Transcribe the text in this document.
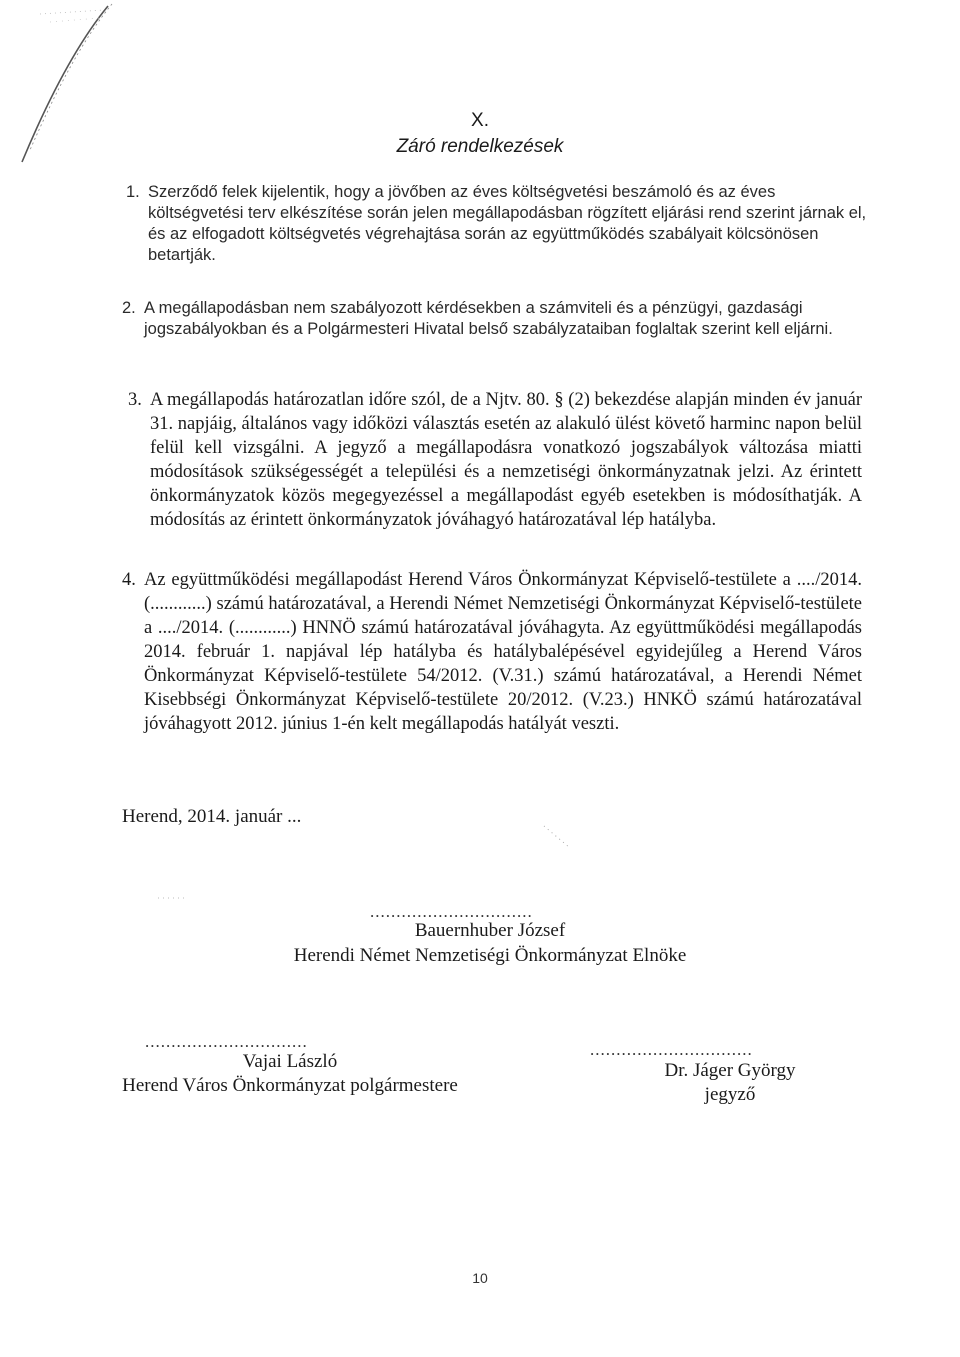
X.
Záró rendelkezések
1. Szerződő felek kijelentik, hogy a jövőben az éves költségvetési beszámoló és az éves költségvetési terv elkészítése során jelen megállapodásban rögzített eljárási rend szerint járnak el, és az elfogadott költségvetés végrehajtása során az együttműködés szabályait kölcsönösen betartják.
2. A megállapodásban nem szabályozott kérdésekben a számviteli és a pénzügyi, gazdasági jogszabályokban és a Polgármesteri Hivatal belső szabályzataiban foglaltak szerint kell eljárni.
3. A megállapodás határozatlan időre szól, de a Njtv. 80. § (2) bekezdése alapján minden év január 31. napjáig, általános vagy időközi választás esetén az alakuló ülést követő harminc napon belül felül kell vizsgálni. A jegyző a megállapodásra vonatkozó jogszabályok változása miatti módosítások szükségességét a települési és a nemzetiségi önkormányzatnak jelzi. Az érintett önkormányzatok közös megegyezéssel a megállapodást egyéb esetekben is módosíthatják. A módosítás az érintett önkormányzatok jóváhagyó határozatával lép hatályba.
4. Az együttműködési megállapodást Herend Város Önkormányzat Képviselő-testülete a ..../2014.(............) számú határozatával, a Herendi Német Nemzetiségi Önkormányzat Képviselő-testülete a ..../2014. (............) HNNÖ számú határozatával jóváhagyta. Az együttműködési megállapodás 2014. február 1. napjával lép hatályba és hatálybalépésével egyidejűleg a Herend Város Önkormányzat Képviselő-testülete 54/2012. (V.31.) számú határozatával, a Herendi Német Kisebbségi Önkormányzat Képviselő-testülete 20/2012. (V.23.) HNKÖ számú határozatával jóváhagyott 2012. június 1-én kelt megállapodás hatályát veszti.
Herend, 2014. január ...
...............................
Bauernhuber József
Herendi Német Nemzetiségi Önkormányzat Elnöke
...............................
Vajai László
Herend Város Önkormányzat polgármestere
...............................
Dr. Jáger György
jegyző
10
